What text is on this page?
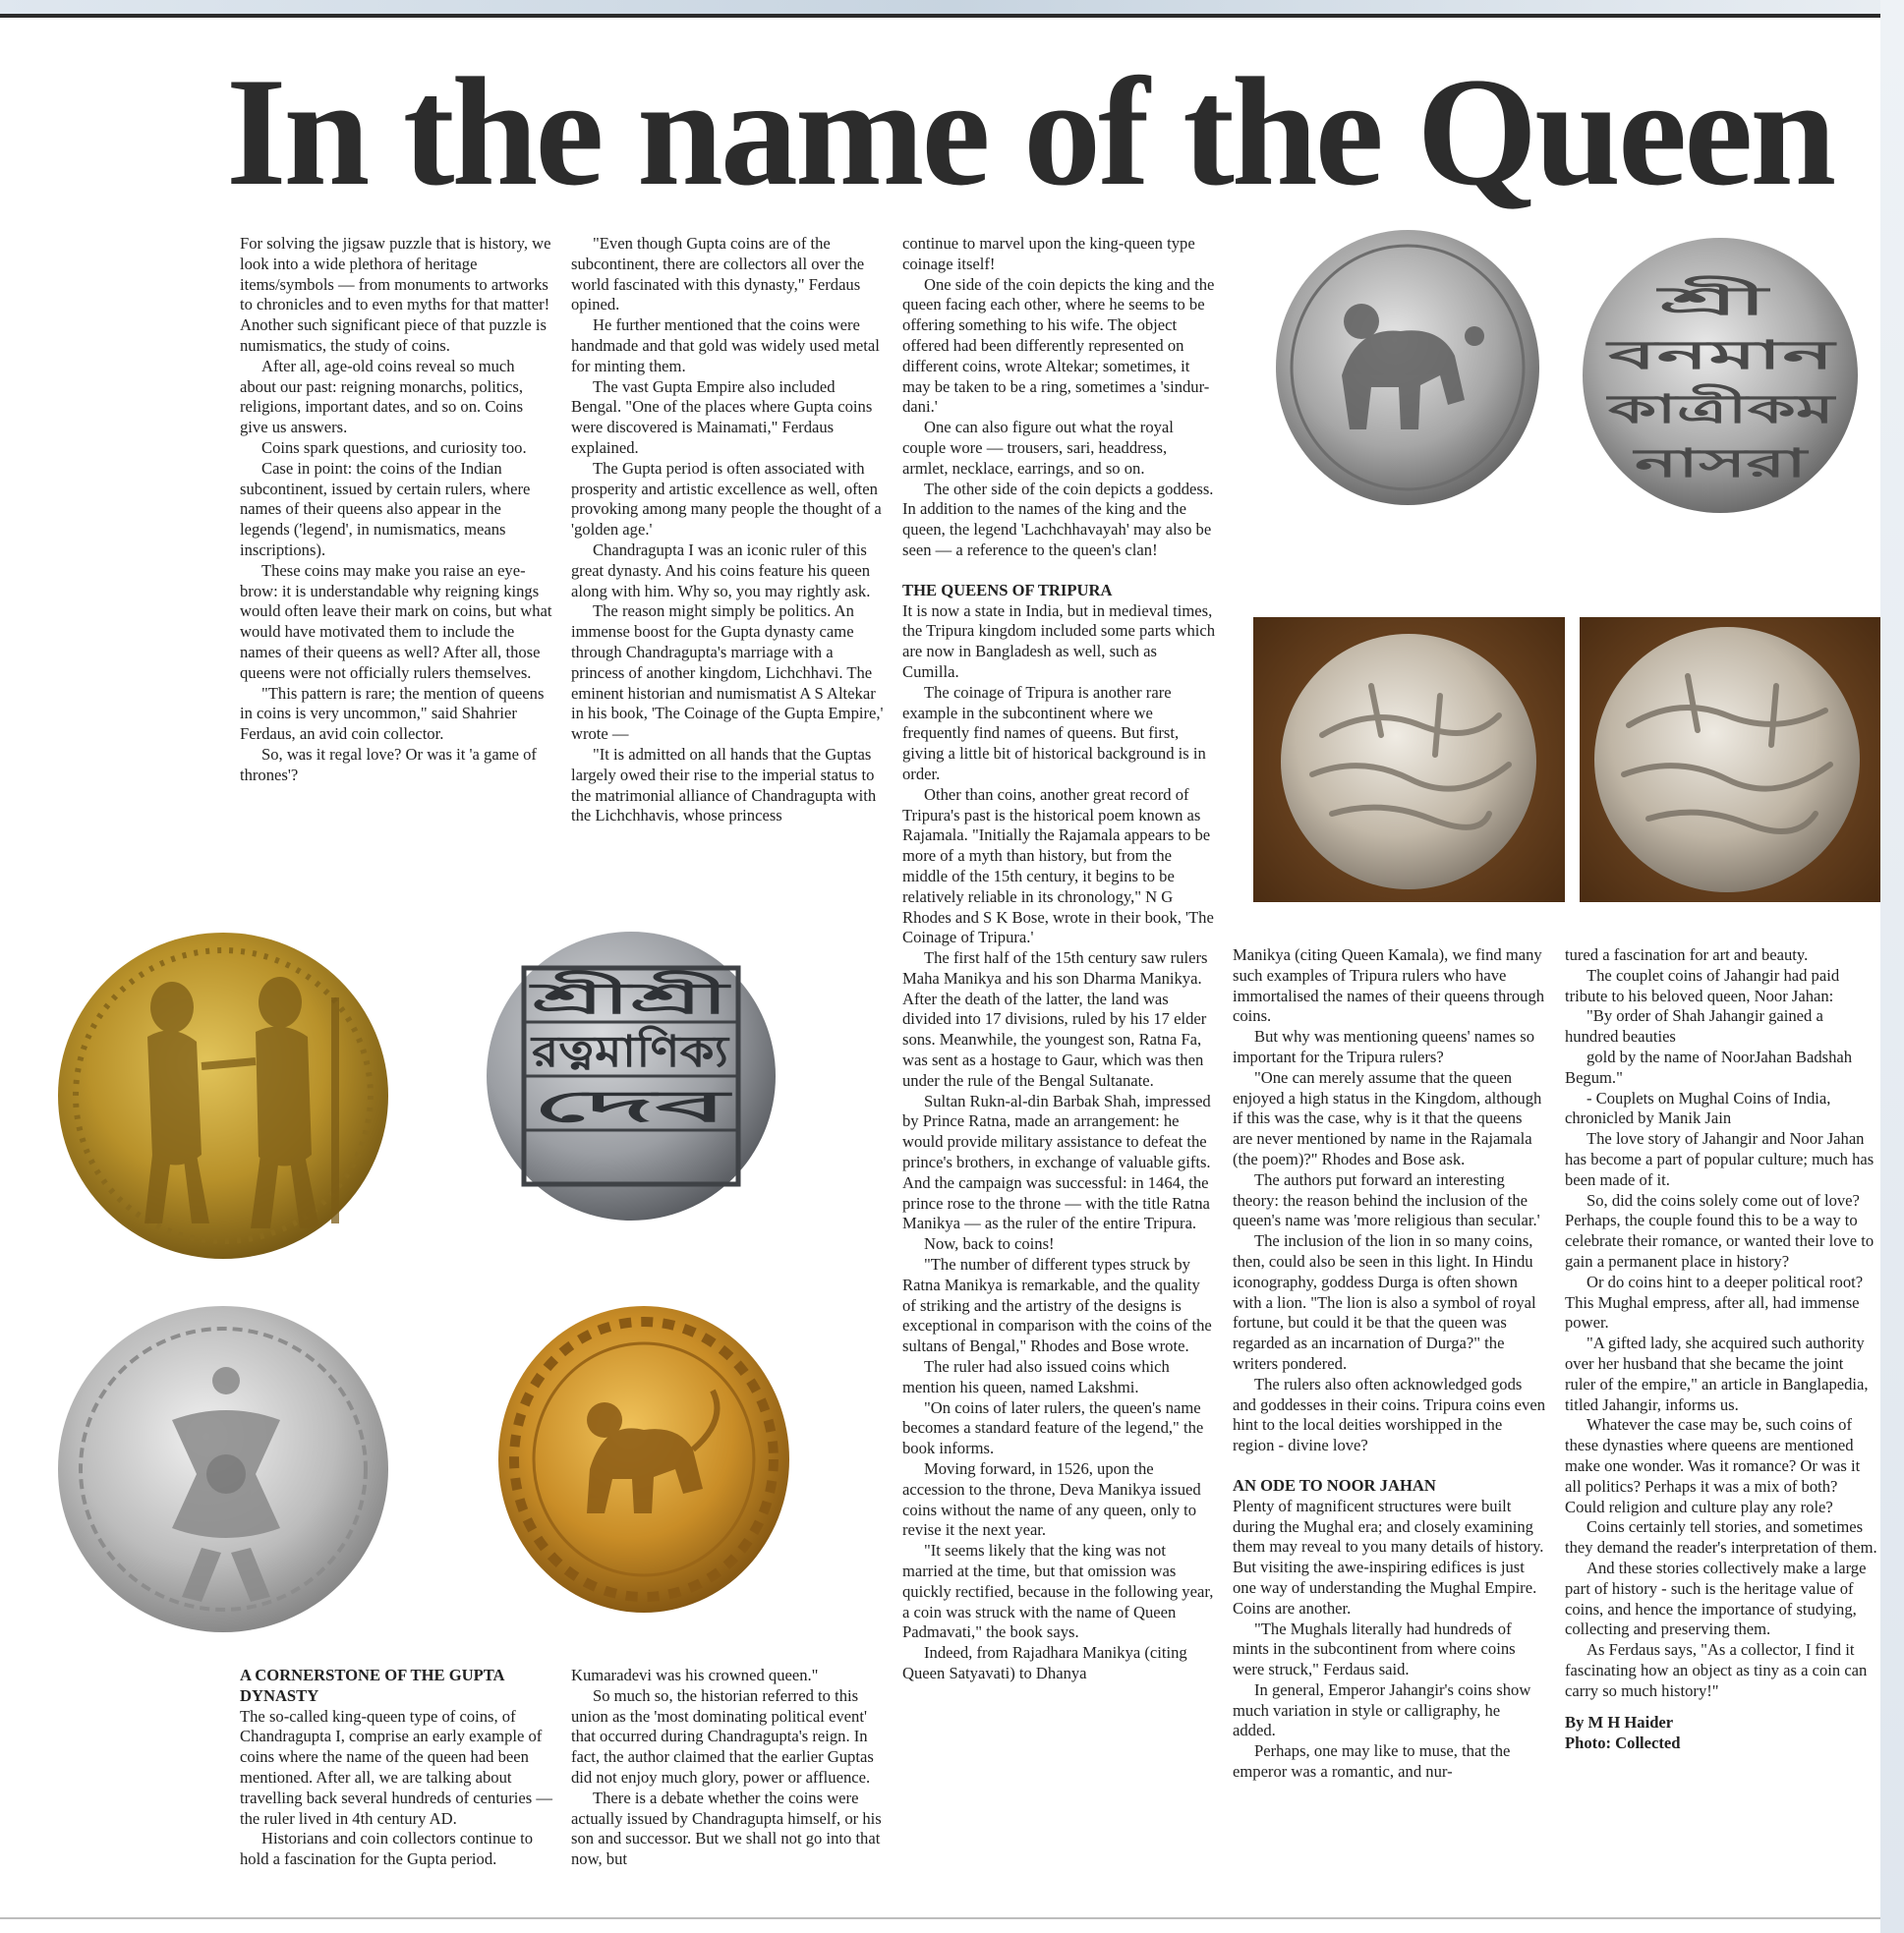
In the name of the Queen

For solving the jigsaw puzzle that is history, we look into a wide plethora of heritage items/symbols — from monuments to artworks to chronicles and to even myths for that matter! Another such significant piece of that puzzle is numismatics, the study of coins.

After all, age-old coins reveal so much about our past: reigning monarchs, politics, religions, important dates, and so on. Coins give us answers.

Coins spark questions, and curiosity too.

Case in point: the coins of the Indian subcontinent, issued by certain rulers, where names of their queens also appear in the legends ('legend', in numismatics, means inscriptions).

These coins may make you raise an eye-brow: it is understandable why reigning kings would often leave their mark on coins, but what would have motivated them to include the names of their queens as well? After all, those queens were not officially rulers themselves.

"This pattern is rare; the mention of queens in coins is very uncommon," said Shahrier Ferdaus, an avid coin collector.

So, was it regal love? Or was it 'a game of thrones'?

"Even though Gupta coins are of the subcontinent, there are collectors all over the world fascinated with this dynasty," Ferdaus opined.

He further mentioned that the coins were handmade and that gold was widely used metal for minting them.

The vast Gupta Empire also included Bengal. "One of the places where Gupta coins were discovered is Mainamati," Ferdaus explained.

The Gupta period is often associated with prosperity and artistic excellence as well, often provoking among many people the thought of a 'golden age.'

Chandragupta I was an iconic ruler of this great dynasty. And his coins feature his queen along with him. Why so, you may rightly ask.

The reason might simply be politics. An immense boost for the Gupta dynasty came through Chandragupta's marriage with a princess of another kingdom, Lichchhavi. The eminent historian and numismatist A S Altekar in his book, 'The Coinage of the Gupta Empire,' wrote —

"It is admitted on all hands that the Guptas largely owed their rise to the imperial status to the matrimonial alliance of Chandragupta with the Lichchhavis, whose princess

continue to marvel upon the king-queen type coinage itself!

One side of the coin depicts the king and the queen facing each other, where he seems to be offering something to his wife. The object offered had been differently represented on different coins, wrote Altekar; sometimes, it may be taken to be a ring, sometimes a 'sindur-dani.'

One can also figure out what the royal couple wore — trousers, sari, headdress, armlet, necklace, earrings, and so on.

The other side of the coin depicts a goddess. In addition to the names of the king and the queen, the legend 'Lachchhavayah' may also be seen — a reference to the queen's clan!

THE QUEENS OF TRIPURA

It is now a state in India, but in medieval times, the Tripura kingdom included some parts which are now in Bangladesh as well, such as Cumilla.

The coinage of Tripura is another rare example in the subcontinent where we frequently find names of queens. But first, giving a little bit of historical background is in order.

Other than coins, another great record of Tripura's past is the historical poem known as Rajamala. "Initially the Rajamala appears to be more of a myth than history, but from the middle of the 15th century, it begins to be relatively reliable in its chronology," N G Rhodes and S K Bose, wrote in their book, 'The Coinage of Tripura.'

The first half of the 15th century saw rulers Maha Manikya and his son Dharma Manikya. After the death of the latter, the land was divided into 17 divisions, ruled by his 17 elder sons. Meanwhile, the youngest son, Ratna Fa, was sent as a hostage to Gaur, which was then under the rule of the Bengal Sultanate.

Sultan Rukn-al-din Barbak Shah, impressed by Prince Ratna, made an arrangement: he would provide military assistance to defeat the prince's brothers, in exchange of valuable gifts. And the campaign was successful: in 1464, the prince rose to the throne — with the title Ratna Manikya — as the ruler of the entire Tripura.

Now, back to coins!

"The number of different types struck by Ratna Manikya is remarkable, and the quality of striking and the artistry of the designs is exceptional in comparison with the coins of the sultans of Bengal," Rhodes and Bose wrote.

The ruler had also issued coins which mention his queen, named Lakshmi.

"On coins of later rulers, the queen's name becomes a standard feature of the legend," the book informs.

Moving forward, in 1526, upon the accession to the throne, Deva Manikya issued coins without the name of any queen, only to revise it the next year.

"It seems likely that the king was not married at the time, but that omission was quickly rectified, because in the following year, a coin was struck with the name of Queen Padmavati," the book says.

Indeed, from Rajadhara Manikya (citing Queen Satyavati) to Dhanya

A CORNERSTONE OF THE GUPTA DYNASTY

The so-called king-queen type of coins, of Chandragupta I, comprise an early example of coins where the name of the queen had been mentioned. After all, we are talking about travelling back several hundreds of centuries — the ruler lived in 4th century AD.

Historians and coin collectors continue to hold a fascination for the Gupta period.

Kumaradevi was his crowned queen."

So much so, the historian referred to this union as the 'most dominating political event' that occurred during Chandragupta's reign. In fact, the author claimed that the earlier Guptas did not enjoy much glory, power or affluence.

There is a debate whether the coins were actually issued by Chandragupta himself, or his son and successor. But we shall not go into that now, but

Manikya (citing Queen Kamala), we find many such examples of Tripura rulers who have immortalised the names of their queens through coins.

But why was mentioning queens' names so important for the Tripura rulers?

"One can merely assume that the queen enjoyed a high status in the Kingdom, although if this was the case, why is it that the queens are never mentioned by name in the Rajamala (the poem)?" Rhodes and Bose ask.

The authors put forward an interesting theory: the reason behind the inclusion of the queen's name was 'more religious than secular.'

The inclusion of the lion in so many coins, then, could also be seen in this light. In Hindu iconography, goddess Durga is often shown with a lion. "The lion is also a symbol of royal fortune, but could it be that the queen was regarded as an incarnation of Durga?" the writers pondered.

The rulers also often acknowledged gods and goddesses in their coins. Tripura coins even hint to the local deities worshipped in the region - divine love?

AN ODE TO NOOR JAHAN

Plenty of magnificent structures were built during the Mughal era; and closely examining them may reveal to you many details of history. But visiting the awe-inspiring edifices is just one way of understanding the Mughal Empire. Coins are another.

"The Mughals literally had hundreds of mints in the subcontinent from where coins were struck," Ferdaus said.

In general, Emperor Jahangir's coins show much variation in style or calligraphy, he added.

Perhaps, one may like to muse, that the emperor was a romantic, and nur-

tured a fascination for art and beauty.

The couplet coins of Jahangir had paid tribute to his beloved queen, Noor Jahan:

"By order of Shah Jahangir gained a hundred beauties

gold by the name of NoorJahan Badshah Begum."

- Couplets on Mughal Coins of India, chronicled by Manik Jain

The love story of Jahangir and Noor Jahan has become a part of popular culture; much has been made of it.

So, did the coins solely come out of love? Perhaps, the couple found this to be a way to celebrate their romance, or wanted their love to gain a permanent place in history?

Or do coins hint to a deeper political root? This Mughal empress, after all, had immense power.

"A gifted lady, she acquired such authority over her husband that she became the joint ruler of the empire," an article in Banglapedia, titled Jahangir, informs us.

Whatever the case may be, such coins of these dynasties where queens are mentioned make one wonder. Was it romance? Or was it all politics? Perhaps it was a mix of both? Could religion and culture play any role?

Coins certainly tell stories, and sometimes they demand the reader's interpretation of them.

And these stories collectively make a large part of history - such is the heritage value of coins, and hence the importance of studying, collecting and preserving them.

As Ferdaus says, "As a collector, I find it fascinating how an object as tiny as a coin can carry so much history!"

By M H Haider

Photo: Collected

শ্রীশ্রী
রত্নমাণিক্য
দেব
শ্রী
বনমান
কাত্রীকম
নাসরা
